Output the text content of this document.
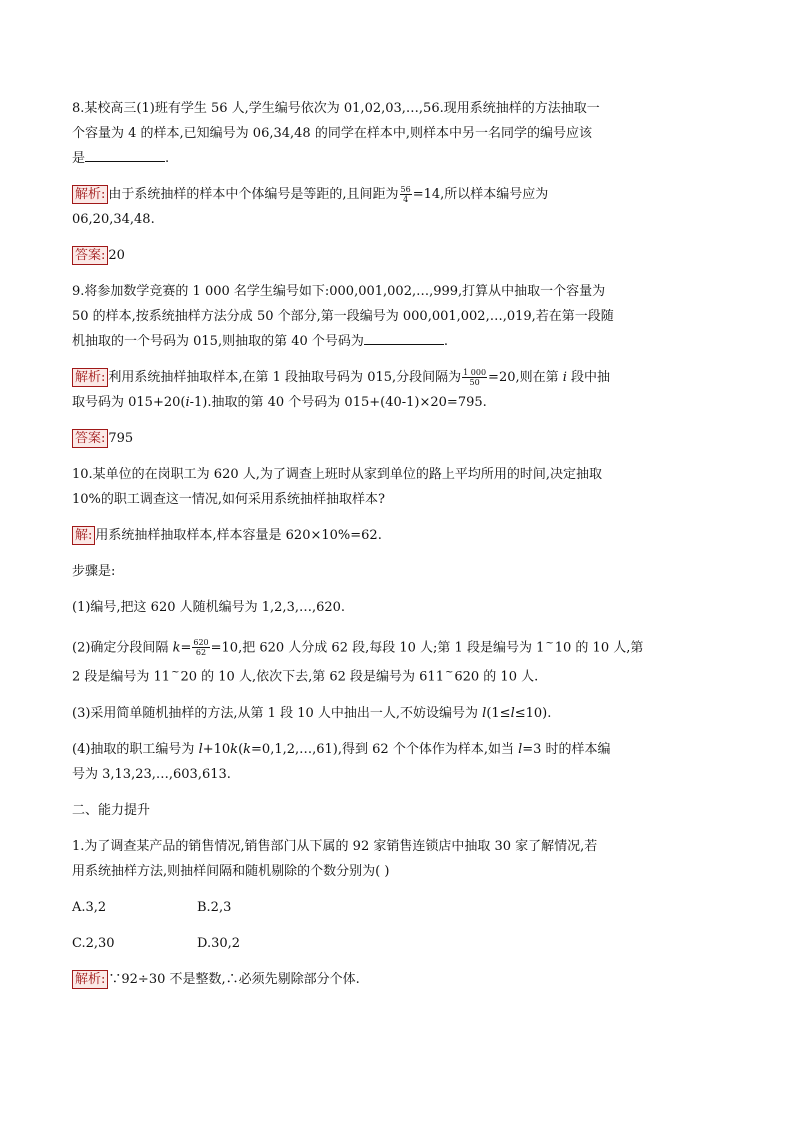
8.某校高三(1)班有学生 56 人,学生编号依次为 01,02,03,…,56.现用系统抽样的方法抽取一
个容量为 4 的样本,已知编号为 06,34,48 的同学在样本中,则样本中另一名同学的编号应该
是	.
解析: 由于系统抽样的样本中个体编号是等距的,且间距为 $\frac{56}{4} =14$,所以样本编号应为
06,20,34,48.
答案: 20
9.将参加数学竞赛的 1 000 名学生编号如下:000,001,002,…,999,打算从中抽取一个容量为
50 的样本,按系统抽样方法分成 50 个部分,第一段编号为 000,001,002,…,019,若在第一段随
机抽取的一个号码为 015,则抽取的第 40 个号码为	.
解析: 利用系统抽样抽取样本,在第 1 段抽取号码为 015,分段间隔为 $\frac{1 000}{50} =20$,则在第 i 段中抽
取号码为 015+20(i-1).抽取的第 40 个号码为 015+(40-1)×20=795.
答案: 795
10.某单位的在岗职工为 620 人,为了调查上班时从家到单位的路上平均所用的时间,决定抽取
10%的职工调查这一情况,如何采用系统抽样抽取样本?
解: 用系统抽样抽取样本,样本容量是 620×10%=62.
步骤是:
(1)编号,把这 620 人随机编号为 1,2,3,…,620.
(2)确定分段间隔 $k= \frac{620}{62} =10$,把 620 人分成 62 段,每段 10 人;第 1 段是编号为 1~10 的 10 人,第
2 段是编号为 11~20 的 10 人,依次下去,第 62 段是编号为 611~620 的 10 人.
(3)采用简单随机抽样的方法,从第 1 段 10 人中抽出一人,不妨设编号为 l(1≤l≤10).
(4)抽取的职工编号为 l+10k(k=0,1,2,…,61),得到 62 个个体作为样本,如当 l=3 时的样本编
号为 3,13,23,…,603,613.
二、能力提升
1.为了调查某产品的销售情况,销售部门从下属的 92 家销售连锁店中抽取 30 家了解情况,若
用系统抽样方法,则抽样间隔和随机剔除的个数分别为( )
A.3,2	B.2,3
C.2,30	D.30,2
解析: ∵92÷30 不是整数,∴必须先剔除部分个体.
